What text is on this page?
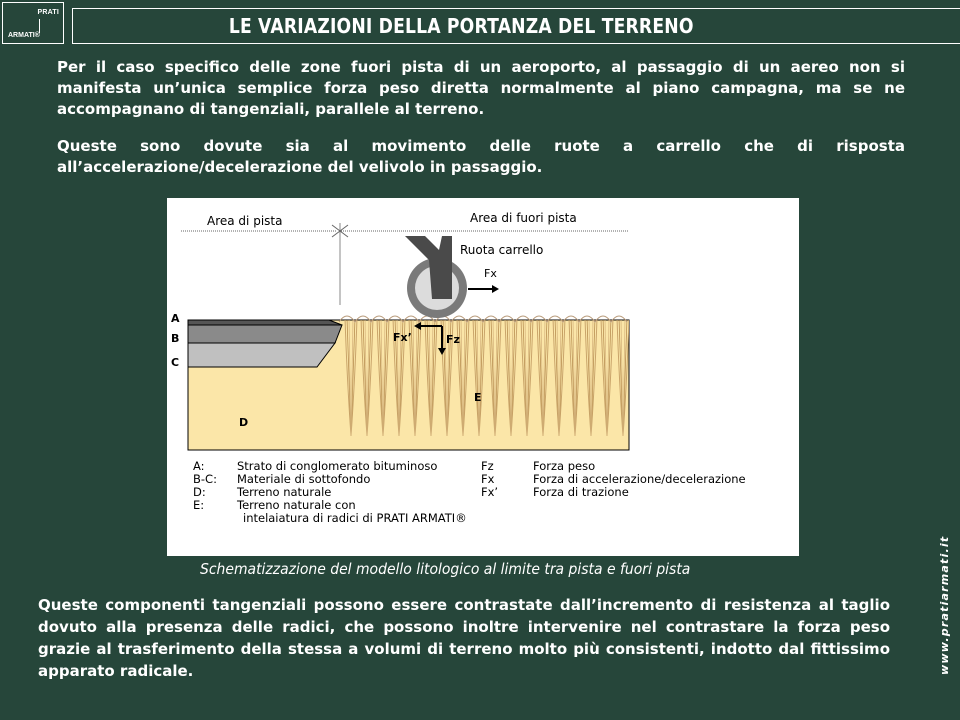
PRATI
ARMATI®	LE VARIAZIONI DELLA PORTANZA DEL TERRENO
Per il caso specifico delle zone fuori pista di un aeroporto, al passaggio di un aereo non si manifesta un’unica semplice forza peso diretta normalmente al piano campagna, ma se ne accompagnano di tangenziali, parallele al terreno.
Queste sono dovute sia al movimento delle ruote a carrello che di risposta all’accelerazione/decelerazione del velivolo in passaggio.
Area di pista	Area di fuori pista
Ruota carrello
Fx
Fx’	Fz
A
B
C
D
E
A:	Strato di conglomerato bituminoso	Fz	Forza peso
B-C: Materiale di sottofondo	Fx	Forza di accelerazione/decelerazione
D:	Terreno naturale	Fx’	Forza di trazione
E:	Terreno naturale con
intelaiatura di radici di PRATI ARMATI®
Schematizzazione del modello litologico al limite tra pista e fuori pista
Queste componenti tangenziali possono essere contrastate dall’incremento di resistenza al taglio dovuto alla presenza delle radici, che possono inoltre intervenire nel contrastare la forza peso grazie al trasferimento della stessa a volumi di terreno molto più consistenti, indotto dal fittissimo apparato radicale.	www.pratiarmati.it
